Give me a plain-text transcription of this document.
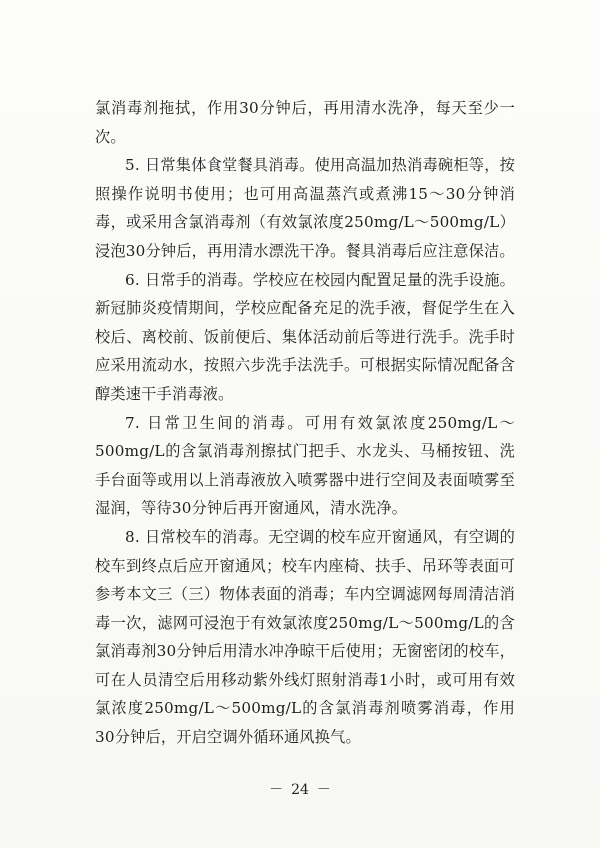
氯消毒剂拖拭，作用30分钟后，再用清水洗净，每天至少一次。

5. 日常集体食堂餐具消毒。使用高温加热消毒碗柜等，按照操作说明书使用；也可用高温蒸汽或煮沸15～30分钟消毒，或采用含氯消毒剂（有效氯浓度250mg/L～500mg/L）浸泡30分钟后，再用清水漂洗干净。餐具消毒后应注意保洁。

6. 日常手的消毒。学校应在校园内配置足量的洗手设施。新冠肺炎疫情期间，学校应配备充足的洗手液，督促学生在入校后、离校前、饭前便后、集体活动前后等进行洗手。洗手时应采用流动水，按照六步洗手法洗手。可根据实际情况配备含醇类速干手消毒液。

7. 日常卫生间的消毒。可用有效氯浓度250mg/L～500mg/L的含氯消毒剂擦拭门把手、水龙头、马桶按钮、洗手台面等或用以上消毒液放入喷雾器中进行空间及表面喷雾至湿润，等待30分钟后再开窗通风，清水洗净。

8. 日常校车的消毒。无空调的校车应开窗通风，有空调的校车到终点后应开窗通风；校车内座椅、扶手、吊环等表面可参考本文三（三）物体表面的消毒；车内空调滤网每周清洁消毒一次，滤网可浸泡于有效氯浓度250mg/L～500mg/L的含氯消毒剂30分钟后用清水冲净晾干后使用；无窗密闭的校车，可在人员清空后用移动紫外线灯照射消毒1小时，或可用有效氯浓度250mg/L～500mg/L的含氯消毒剂喷雾消毒，作用30分钟后，开启空调外循环通风换气。

－ 24 －
